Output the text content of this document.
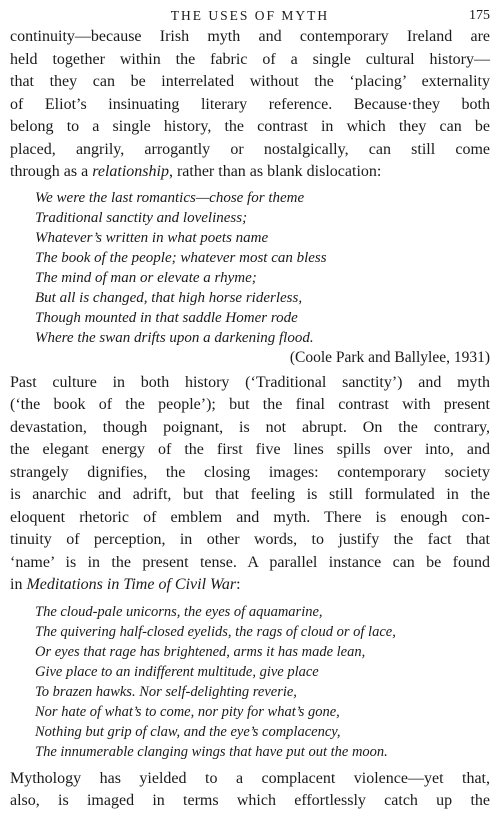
THE USES OF MYTH	175
continuity—because Irish myth and contemporary Ireland are
held together within the fabric of a single cultural history—
that they can be interrelated without the ‘placing’ externality
of Eliot’s insinuating literary reference. Because·they both
belong to a single history, the contrast in which they can be
placed, angrily, arrogantly or nostalgically, can still come
through as a relationship, rather than as blank dislocation:
We were the last romantics—chose for theme
Traditional sanctity and loveliness;
Whatever’s written in what poets name
The book of the people; whatever most can bless
The mind of man or elevate a rhyme;
But all is changed, that high horse riderless,
Though mounted in that saddle Homer rode
Where the swan drifts upon a darkening flood.
(Coole Park and Ballylee, 1931)
Past culture in both history (‘Traditional sanctity’) and myth
(‘the book of the people’); but the final contrast with present
devastation, though poignant, is not abrupt. On the contrary,
the elegant energy of the first five lines spills over into, and
strangely dignifies, the closing images: contemporary society
is anarchic and adrift, but that feeling is still formulated in the
eloquent rhetoric of emblem and myth. There is enough con-
tinuity of perception, in other words, to justify the fact that
‘name’ is in the present tense. A parallel instance can be found
in Meditations in Time of Civil War:
The cloud-pale unicorns, the eyes of aquamarine,
The quivering half-closed eyelids, the rags of cloud or of lace,
Or eyes that rage has brightened, arms it has made lean,
Give place to an indifferent multitude, give place
To brazen hawks. Nor self-delighting reverie,
Nor hate of what’s to come, nor pity for what’s gone,
Nothing but grip of claw, and the eye’s complacency,
The innumerable clanging wings that have put out the moon.
Mythology has yielded to a complacent violence—yet that,
also, is imaged in terms which effortlessly catch up the
